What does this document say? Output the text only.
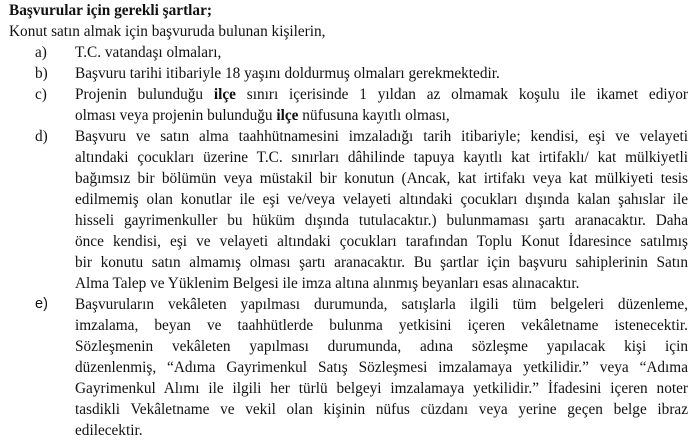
Başvurular için gerekli şartlar;
Konut satın almak için başvuruda bulunan kişilerin,
a) T.C. vatandaşı olmaları,
b) Başvuru tarihi itibariyle 18 yaşını doldurmuş olmaları gerekmektedir.
c) Projenin bulunduğu ilçe sınırı içerisinde 1 yıldan az olmamak koşulu ile ikamet ediyor
olması veya projenin bulunduğu ilçe nüfusuna kayıtlı olması,
d) Başvuru ve satın alma taahhütnamesini imzaladığı tarih itibariyle; kendisi, eşi ve velayeti
altındaki çocukları üzerine T.C. sınırları dâhilinde tapuya kayıtlı kat irtifaklı/ kat mülkiyetli
bağımsız bir bölümün veya müstakil bir konutun (Ancak, kat irtifakı veya kat mülkiyeti tesis
edilmemiş olan konutlar ile eşi ve/veya velayeti altındaki çocukları dışında kalan şahıslar ile
hisseli gayrimenkuller bu hüküm dışında tutulacaktır.) bulunmaması şartı aranacaktır. Daha
önce kendisi, eşi ve velayeti altındaki çocukları tarafından Toplu Konut İdaresince satılmış
bir konutu satın almamış olması şartı aranacaktır. Bu şartlar için başvuru sahiplerinin Satın
Alma Talep ve Yüklenim Belgesi ile imza altına alınmış beyanları esas alınacaktır.
e) Başvuruların vekâleten yapılması durumunda, satışlarla ilgili tüm belgeleri düzenleme,
imzalama, beyan ve taahhütlerde bulunma yetkisini içeren vekâletname istenecektir.
Sözleşmenin vekâleten yapılması durumunda, adına sözleşme yapılacak kişi için
düzenlenmiş, “Adıma Gayrimenkul Satış Sözleşmesi imzalamaya yetkilidir.” veya “Adıma
Gayrimenkul Alımı ile ilgili her türlü belgeyi imzalamaya yetkilidir.” İfadesini içeren noter
tasdikli Vekâletname ve vekil olan kişinin nüfus cüzdanı veya yerine geçen belge ibraz
edilecektir.
